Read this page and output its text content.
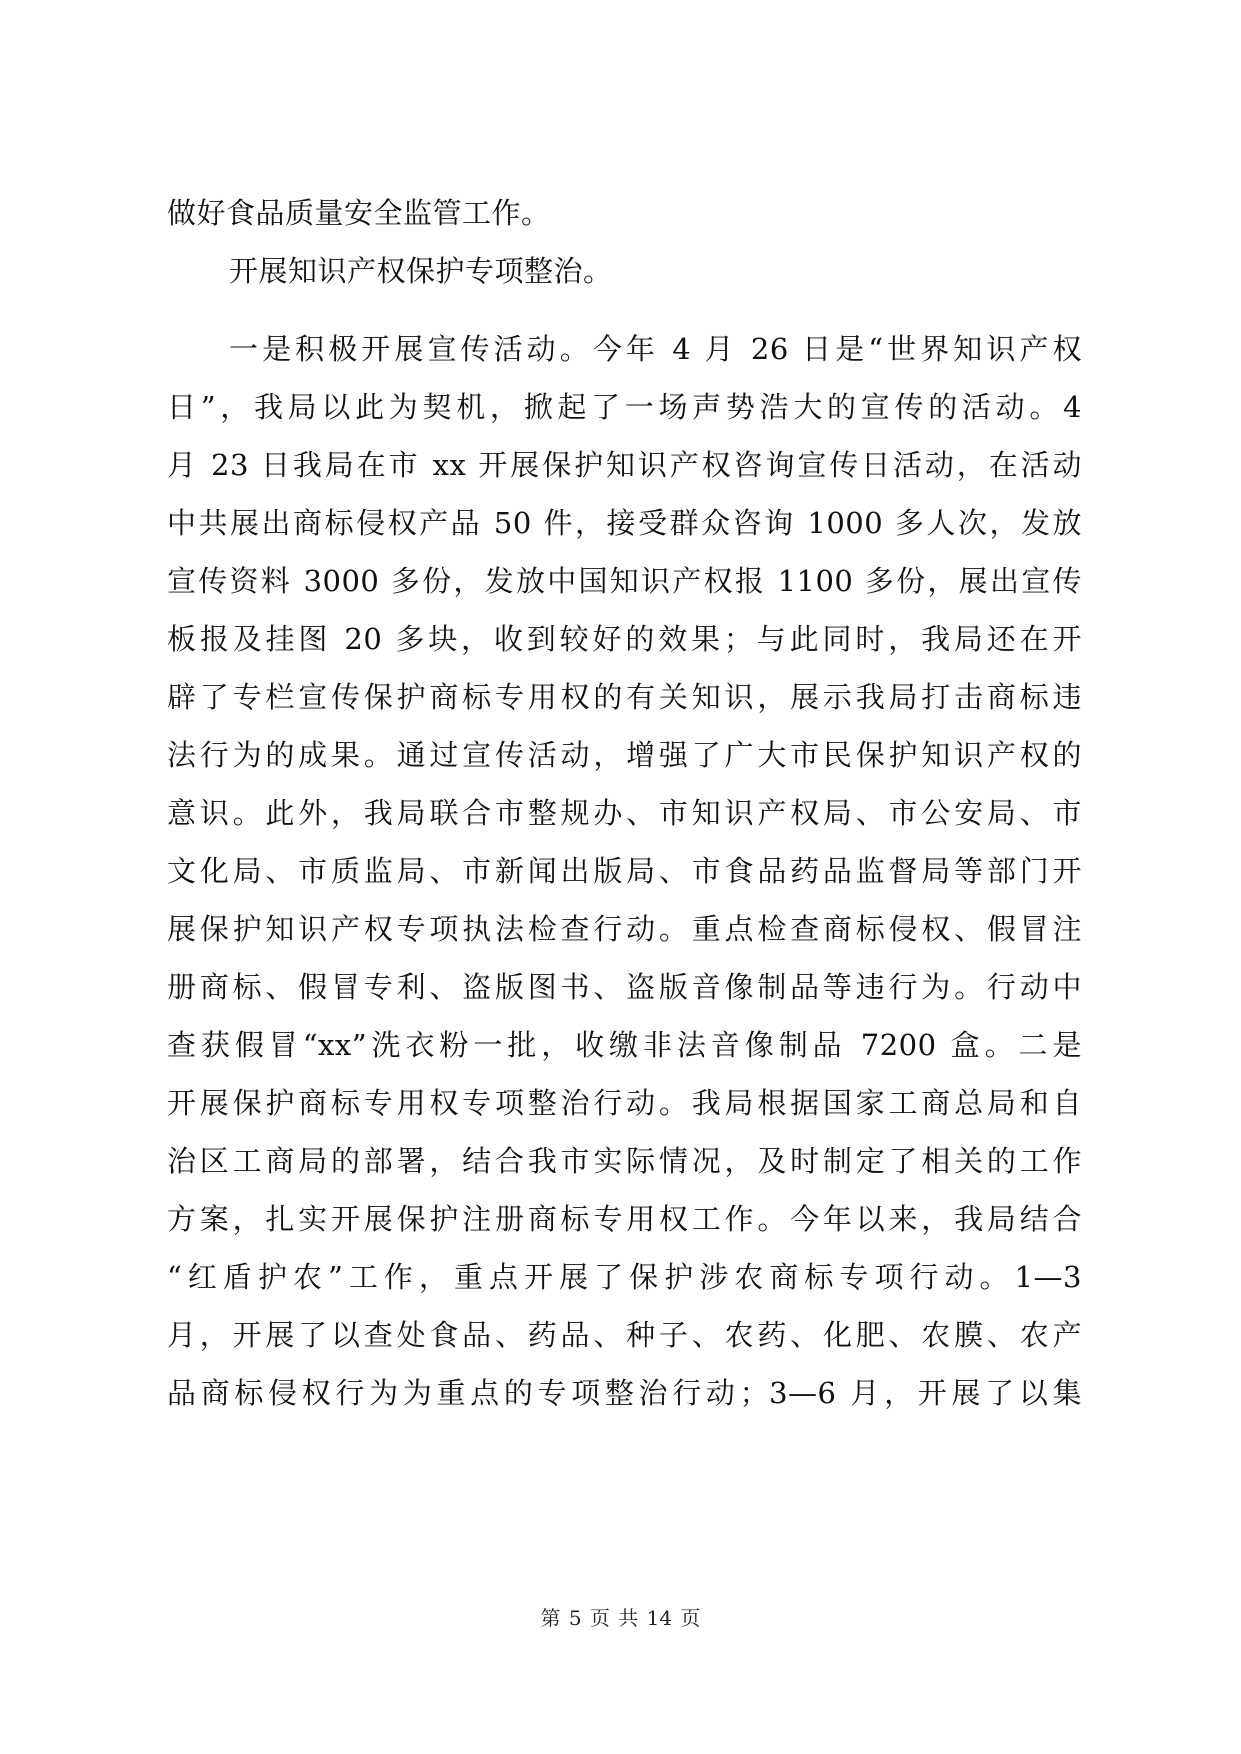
做好食品质量安全监管工作。
开展知识产权保护专项整治。
一是积极开展宣传活动。今年 4 月 26 日是“世界知识产权
日”，我局以此为契机，掀起了一场声势浩大的宣传的活动。4
月 23 日我局在市 xx 开展保护知识产权咨询宣传日活动，在活动
中共展出商标侵权产品 50 件，接受群众咨询 1000 多人次，发放
宣传资料 3000 多份，发放中国知识产权报 1100 多份，展出宣传
板报及挂图 20 多块，收到较好的效果；与此同时，我局还在开
辟了专栏宣传保护商标专用权的有关知识，展示我局打击商标违
法行为的成果。通过宣传活动，增强了广大市民保护知识产权的
意识。此外，我局联合市整规办、市知识产权局、市公安局、市
文化局、市质监局、市新闻出版局、市食品药品监督局等部门开
展保护知识产权专项执法检查行动。重点检查商标侵权、假冒注
册商标、假冒专利、盗版图书、盗版音像制品等违行为。行动中
查获假冒“xx”洗衣粉一批，收缴非法音像制品 7200 盒。二是
开展保护商标专用权专项整治行动。我局根据国家工商总局和自
治区工商局的部署，结合我市实际情况，及时制定了相关的工作
方案，扎实开展保护注册商标专用权工作。今年以来，我局结合
“红盾护农”工作，重点开展了保护涉农商标专项行动。1—3
月，开展了以查处食品、药品、种子、农药、化肥、农膜、农产
品商标侵权行为为重点的专项整治行动；3—6 月，开展了以集
第 5 页 共 14 页
